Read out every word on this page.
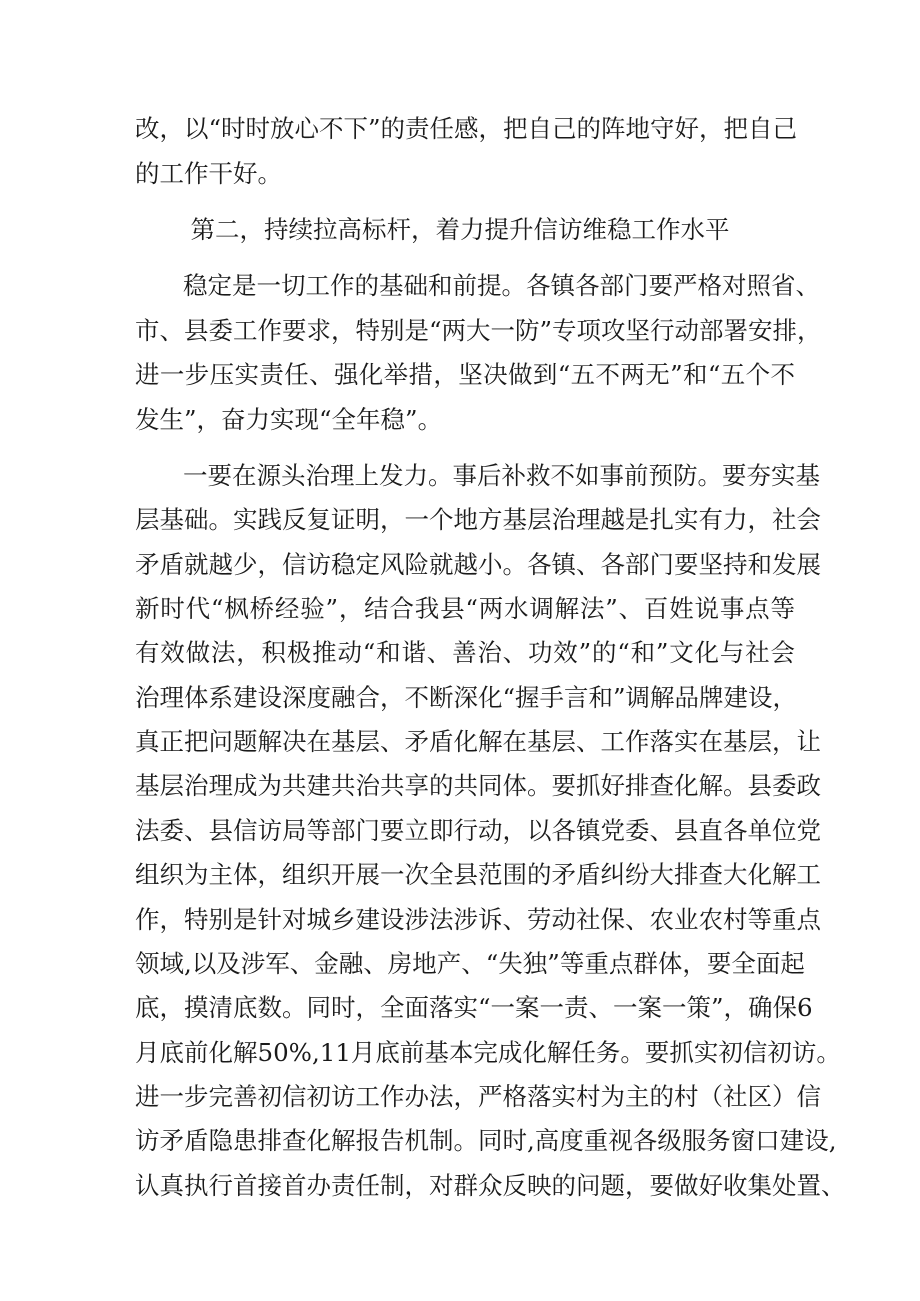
改，以“时时放心不下”的责任感，把自己的阵地守好，把自己
的工作干好。
第二，持续拉高标杆，着力提升信访维稳工作水平
稳定是一切工作的基础和前提。各镇各部门要严格对照省、
市、县委工作要求，特别是“两大一防”专项攻坚行动部署安排，
进一步压实责任、强化举措，坚决做到“五不两无”和“五个不
发生”，奋力实现“全年稳”。
一要在源头治理上发力。事后补救不如事前预防。要夯实基
层基础。实践反复证明，一个地方基层治理越是扎实有力，社会
矛盾就越少，信访稳定风险就越小。各镇、各部门要坚持和发展
新时代“枫桥经验”，结合我县“两水调解法”、百姓说事点等
有效做法，积极推动“和谐、善治、功效”的“和”文化与社会
治理体系建设深度融合，不断深化“握手言和”调解品牌建设，
真正把问题解决在基层、矛盾化解在基层、工作落实在基层，让
基层治理成为共建共治共享的共同体。要抓好排查化解。县委政
法委、县信访局等部门要立即行动，以各镇党委、县直各单位党
组织为主体，组织开展一次全县范围的矛盾纠纷大排查大化解工
作，特别是针对城乡建设涉法涉诉、劳动社保、农业农村等重点
领域,以及涉军、金融、房地产、“失独”等重点群体，要全面起
底，摸清底数。同时，全面落实“一案一责、一案一策”，确保6
月底前化解50%,11月底前基本完成化解任务。要抓实初信初访。
进一步完善初信初访工作办法，严格落实村为主的村（社区）信
访矛盾隐患排查化解报告机制。同时,高度重视各级服务窗口建设,
认真执行首接首办责任制，对群众反映的问题，要做好收集处置、
